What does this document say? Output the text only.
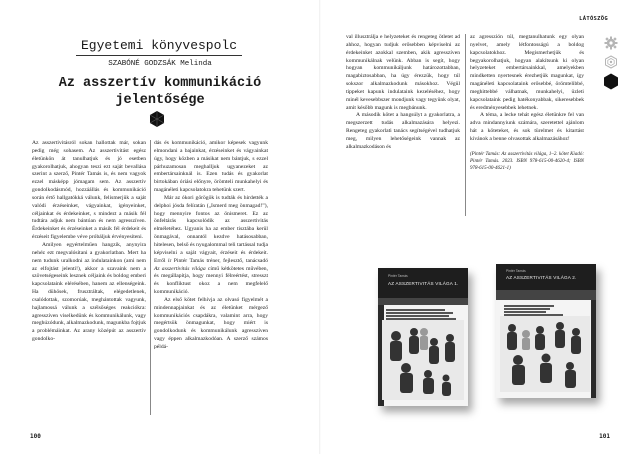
Egyetemi könyvespolc
SZABÓNÉ GODZSÁK Melinda
Az asszertív kommunikáció
jelentősége

Az asszertivitásról sokan hallottak már, sokan pedig még sohasem. Az asszertivitást egész életünkön át tanulhatjuk és jó esetben gyakorolhatjuk, ahogyan teszi ezt saját bevallása szerint a szerző, Pintér Tamás is, és nem vagyok ezzel másképp jómagam sem. Az asszertív gondolkodásmód, hozzáállás és kommunikáció során értő hallgatókká válunk, felismerjük a saját valódi érzéseinket, vágyainkat, igényeinket, céljainkat és érdekeinket, s mindezt a másik fél tudtára adjuk nem bántóan és nem agresszíven. Érdekeinket és érzéseinket a másik fél érdekeit és érzéseit figyelembe véve próbáljuk érvényesíteni.

Amilyen egyértelműen hangzik, anynyira nehéz ezt megvalósítani a gyakorlatban. Mert ha nem tudunk uralkodni az indulatainkon (ami nem az elfojtást jelenti!), akkor a szavaink nem a szövetségeseink lesznek céljaink és boldog emberi kapcsolataink elérésében, hanem az ellenségeink. Ha dühösek, frusztráltak, elégedetlenek, csalódottak, szomorúak, meghántottak vagyunk, hajlamossá válunk a szélsőséges reakciókra: agresszíven viselkedünk és kommunikálunk, vagy meghúzódunk, alkalmazkodunk, magunkba fojtjuk a problémáinkat. Az arany középút az asszertív gondolko-

dás és kommunikáció, amikor képesek vagyunk elmondani a bajainkat, érzéseinket és vágyainkat úgy, hogy közben a másikat nem bántjuk, s ezzel párhuzamosan meghalljuk ugyanezeket az embertársainknál is. Ezen tudás és gyakorlat birtokában óriási előnyre, örömteli munkahelyi és magánéleti kapcsolatokra tehetünk szert.

Már az ókori görögök is tudták és hirdették a delphoi jósda felíratán („Ismerd meg önmagad!”), hogy mennyire fontos az önismeret. Ez az önfeltárás kapcsolódik az asszertivitás elméletéhez. Ugyanis ha az ember tisztába kerül önmagával, onnantól kezdve hatásosabban, hitelesen, belső és nyugalommal teli tartással tudja képviselni a saját vágyait, érzéseit és érdekeit. Erről ír Pintér Tamás tréner, fejlesztő, tanácsadó Az asszertivitás világa című kétkötetes művében, és megállapítja, hogy mennyi félreértést, stresszt és konfliktust okoz a nem megfelelő kommunikáció.

Az első kötet felhívja az olvasó figyelmét a mindennapjainkat és az életünket mérgező kommunikációs csapdákra, valamint arra, hogy megértsük önmagunkat, hogy miért is gondolkodunk és kommunikálunk agresszíven vagy éppen alkalmazkodóan. A szerző számos példá-

100
LÁTÓSZÖG

val illusztrálja e helyzeteket és rengeteg ötletet ad ahhoz, hogyan tudjuk erősebben képviselni az érdekeinket azokkal szemben, akik agresszíven kommunikálnak velünk. Abban is segít, hogy hogyan kommunikáljunk határozottabban, magabiztosabban, ha úgy érezzük, hogy túl sokszor alkalmazkodunk másokhoz. Végül tippeket kapunk indulataink kezeléséhez, hogy minél kevesebbszer mondjunk vagy tegyünk olyat, amit később magunk is megbánunk.

A második kötet a hangsúlyt a gyakorlatra, a megszerzett tudás alkalmazására helyezi. Rengeteg gyakorlati tanács segítségével tudhatjuk meg, milyen lehetőségeink vannak az alkalmazkodáson és

az agresszión túl, megtanulhatunk egy olyan nyelvet, amely létfontosságú a boldog kapcsolatokhoz. Megismerhetjük és begyakorolhatjuk, hogyan alakítsunk ki olyan helyzeteket embertársainkkal, amelyekben mindketten nyertesnek érezhetjük magunkat, így magánéleti kapcsolataink erősebbé, örömtelibbé, meghittebbé válhatnak, munkahelyi, üzleti kapcsolataink pedig hatékonyabbak, sikeresebbek és eredményesebbek lehetnek.

A téma, a lecke tehát egész életünkre fel van adva mindannyiunk számára, szeretettel ajánlom hát a köteteket, és sok türelmet és kitartást kívánok a benne olvasottak alkalmazásához!

(Pintér Tamás: Az asszertivitás világa, 1–2. kötet Kiadó: Pintér Tamás. 2023. ISBN 978-615-00-4620-4; ISBN 978-615-00-4621-1)

101
Pintér Tamás
AZ ASSZERTIVITÁS VILÁGA 1.
Pintér Tamás
AZ ASSZERTIVITÁS VILÁGA 2.
